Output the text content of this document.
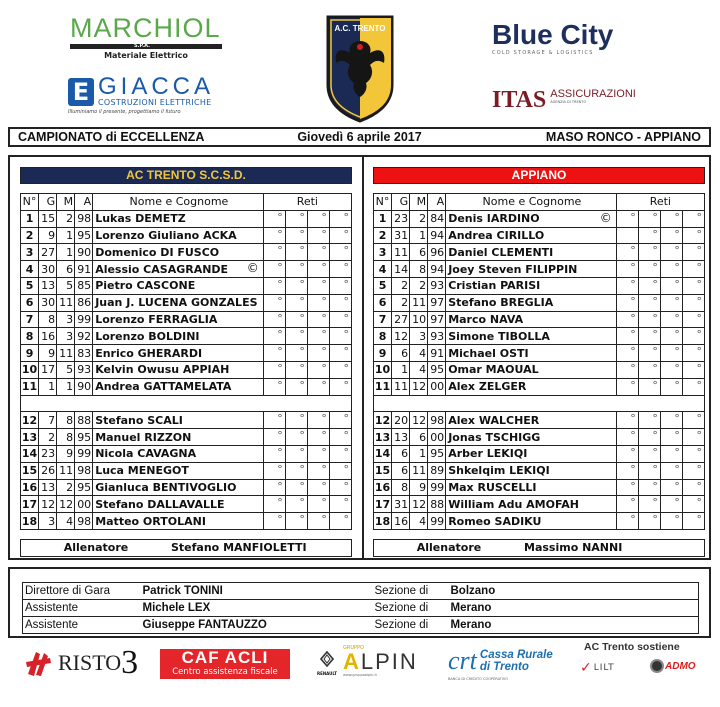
MARCHIOL
S.P.A.
Materiale Elettrico
E GIACCA
COSTRUZIONI ELETTRICHE
Illuminiamo il presente, progettiamo il futuro
A.C. TRENTO	Blue City
COLD STORAGE & LOGISTICS
ITAS ASSICURAZIONI
AGENZIA DI TRENTO
CAMPIONATO di ECCELLENZA	Giovedì 6 aprile 2017	MASO RONCO - APPIANO
AC TRENTO S.C.S.D.
N°	G	M	A	Nome e Cognome	Reti			
1	15	2	98	Lukas DEMETZ	°	°	°	°
2	9	1	95	Lorenzo Giuliano ACKA	°	°	°	°
3	27	1	90	Domenico DI FUSCO	°	°	°	°
4	30	6	91	Alessio CASAGRANDE ©	°	°	°	°
5	13	5	85	Pietro CASCONE	°	°	°	°
6	30	11	86	Juan J. LUCENA GONZALES	°	°	°	°
7	8	3	99	Lorenzo FERRAGLIA	°	°	°	°
8	16	3	92	Lorenzo BOLDINI	°	°	°	°
9	9	11	83	Enrico GHERARDI	°	°	°	°
10	17	5	93	Kelvin Owusu APPIAH	°	°	°	°
11	1	1	90	Andrea GATTAMELATA	°	°	°	°

12	7	8	88	Stefano SCALI	°	°	°	°
13	2	8	95	Manuel RIZZON	°	°	°	°
14	23	9	99	Nicola CAVAGNA	°	°	°	°
15	26	11	98	Luca MENEGOT	°	°	°	°
16	13	2	95	Gianluca BENTIVOGLIO	°	°	°	°
17	12	12	00	Stefano DALLAVALLE	°	°	°	°
18	3	4	98	Matteo ORTOLANI	°	°	°	°
Allenatore	Stefano MANFIOLETTI
APPIANO
N°	G	M	A	Nome e Cognome	Reti			
1	23	2	84	Denis IARDINO ©	°	°	°	°
2	31	1	94	Andrea CIRILLO		°	°	°
3	11	6	96	Daniel CLEMENTI	°	°	°	°
4	14	8	94	Joey Steven FILIPPIN	°	°	°	°
5	2	2	93	Cristian PARISI	°	°	°	°
6	2	11	97	Stefano BREGLIA	°	°	°	°
7	27	10	97	Marco NAVA	°	°	°	°
8	12	3	93	Simone TIBOLLA	°	°	°	°
9	6	4	91	Michael OSTI	°	°	°	°
10	1	4	95	Omar MAOUAL	°	°	°	°
11	11	12	00	Alex ZELGER	°	°	°	°

12	20	12	98	Alex WALCHER	°	°	°	°
13	13	6	00	Jonas TSCHIGG	°	°	°	°
14	6	1	95	Arber LEKIQI	°	°	°	°
15	6	11	89	Shkelqim LEKIQI	°	°	°	°
16	8	9	99	Max RUSCELLI	°	°	°	°
17	31	12	88	William Adu AMOFAH	°	°	°	°
18	16	4	99	Romeo SADIKU	°	°	°	°
Allenatore	Massimo NANNI
Direttore di Gara	Patrick TONINI	Sezione di	Bolzano
Assistente	Michele LEX	Sezione di	Merano
Assistente	Giuseppe FANTAUZZO	Sezione di	Merano
RISTO 3	CAF ACLI
Centro assistenza fiscale	RENAULT
GRUPPO
ALPIN
www.gruppoalpin.it	crt Cassa Rurale
di Trento
BANCA DI CREDITO COOPERATIVO
AC Trento sostiene
✓ LILT	ADMO
